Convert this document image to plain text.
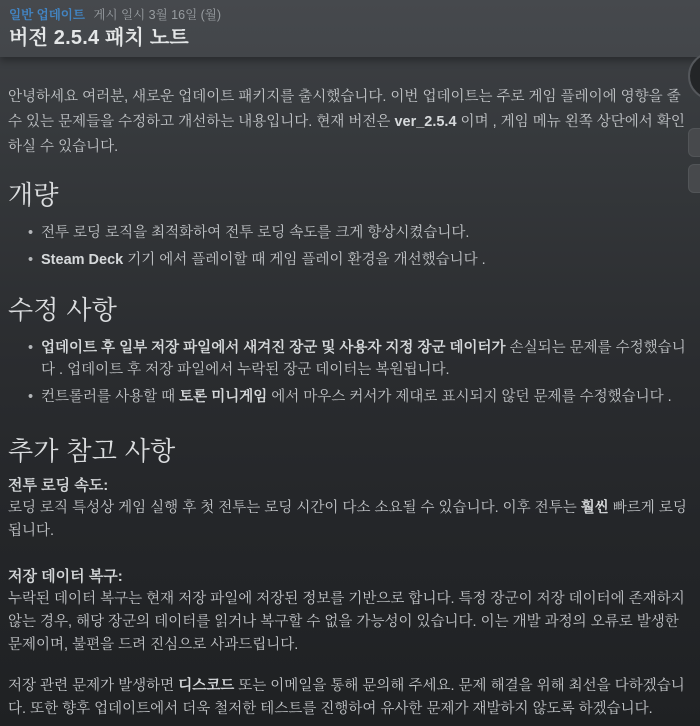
일반 업데이트 게시 일시 3월 16일 (월)
버전 2.5.4 패치 노트

안녕하세요 여러분, 새로운 업데이트 패키지를 출시했습니다. 이번 업데이트는 주로 게임 플레이에 영향을 줄 수 있는 문제들을 수정하고 개선하는 내용입니다. 현재 버전은 ver_2.5.4 이며 , 게임 메뉴 왼쪽 상단에서 확인하실 수 있습니다.

개량
• 전투 로딩 로직을 최적화하여 전투 로딩 속도를 크게 향상시켰습니다.
• Steam Deck 기기 에서 플레이할 때 게임 플레이 환경을 개선했습니다 .
수정 사항
• 업데이트 후 일부 저장 파일에서 새겨진 장군 및 사용자 지정 장군 데이터가 손실되는 문제를 수정했습니다 . 업데이트 후 저장 파일에서 누락된 장군 데이터는 복원됩니다.
• 컨트롤러를 사용할 때 토론 미니게임 에서 마우스 커서가 제대로 표시되지 않던 문제를 수정했습니다 .
추가 참고 사항
전투 로딩 속도:

로딩 로직 특성상 게임 실행 후 첫 전투는 로딩 시간이 다소 소요될 수 있습니다. 이후 전투는 훨씬 빠르게 로딩됩니다.

저장 데이터 복구:

누락된 데이터 복구는 현재 저장 파일에 저장된 정보를 기반으로 합니다. 특정 장군이 저장 데이터에 존재하지 않는 경우, 해당 장군의 데이터를 읽거나 복구할 수 없을 가능성이 있습니다. 이는 개발 과정의 오류로 발생한 문제이며, 불편을 드려 진심으로 사과드립니다.

저장 관련 문제가 발생하면 디스코드 또는 이메일을 통해 문의해 주세요. 문제 해결을 위해 최선을 다하겠습니다. 또한 향후 업데이트에서 더욱 철저한 테스트를 진행하여 유사한 문제가 재발하지 않도록 하겠습니다.
